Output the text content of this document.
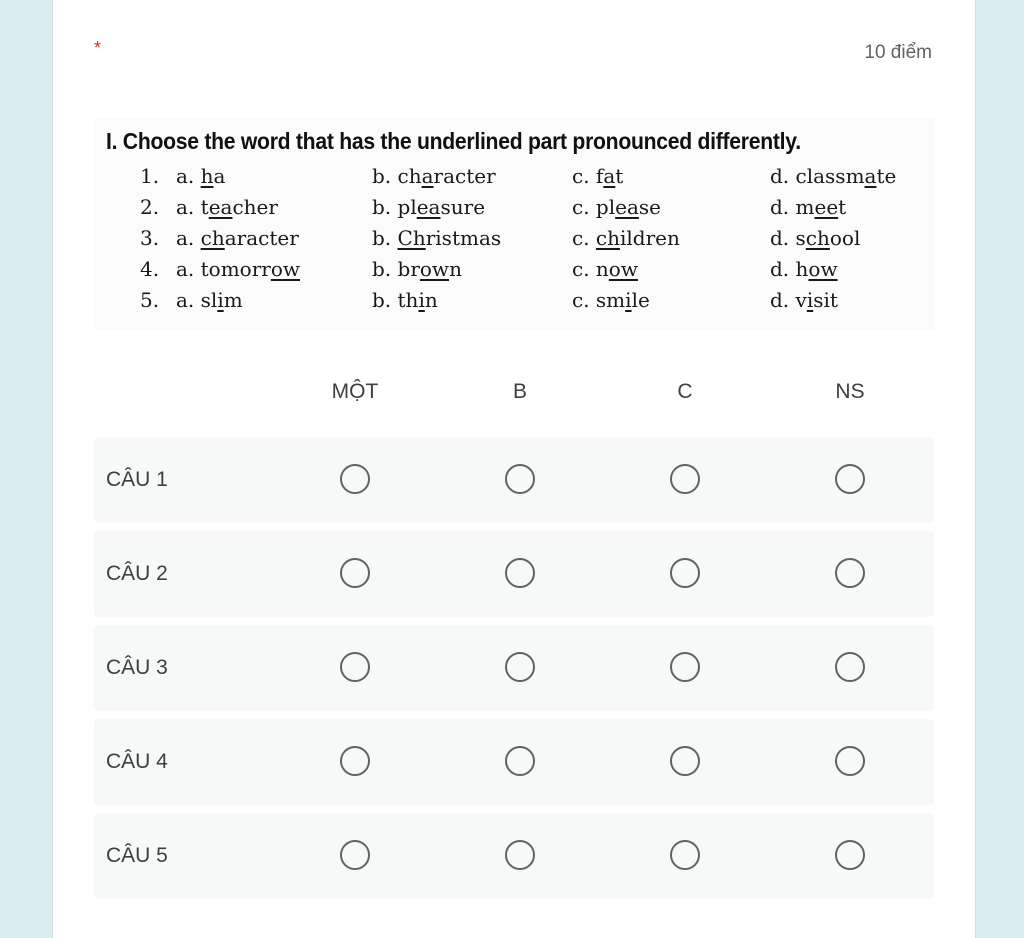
*	10 điểm
I. Choose the word that has the underlined part pronounced differently.
1. a. ha	b. character	c. fat	d. classmate
2. a. teacher	b. pleasure	c. please	d. meet
3. a. character	b. Christmas	c. children	d. school
4. a. tomorrow	b. brown	c. now	d. how
5. a. slim	b. thin	c. smile	d. visit
MỘT	B	C	NS
CÂU 1
CÂU 2
CÂU 3
CÂU 4
CÂU 5
